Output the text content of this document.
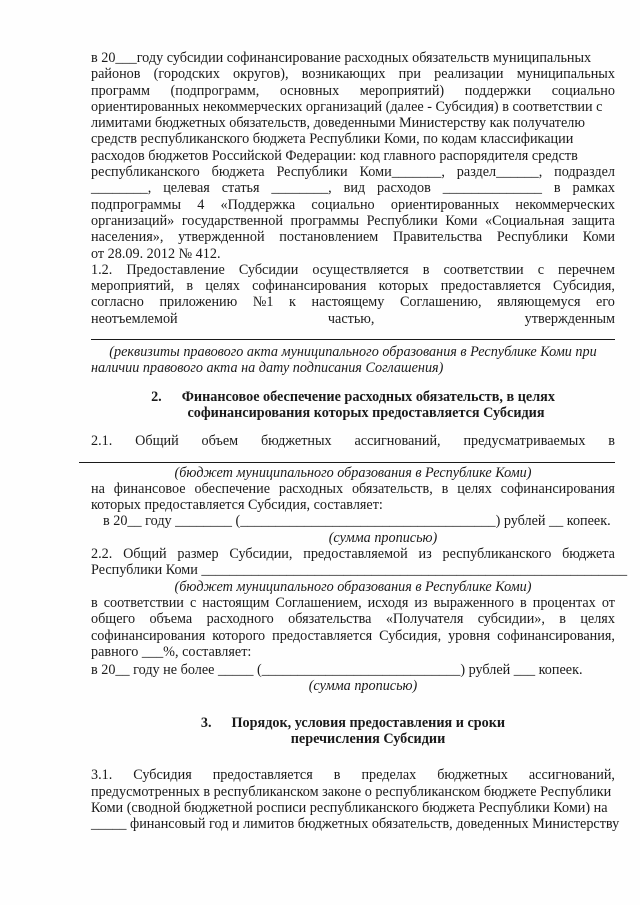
в 20___году субсидии софинансирование расходных обязательств муниципальных
районов (городских округов), возникающих при реализации муниципальных
программ (подпрограмм, основных мероприятий) поддержки социально
ориентированных некоммерческих организаций (далее - Субсидия) в соответствии с
лимитами бюджетных обязательств, доведенными Министерству как получателю
средств республиканского бюджета Республики Коми, по кодам классификации
расходов бюджетов Российской Федерации: код главного распорядителя средств
республиканского бюджета Республики Коми_______, раздел______, подраздел
________, целевая статья ________, вид расходов ______________ в рамках
подпрограммы 4 «Поддержка социально ориентированных некоммерческих
организаций» государственной программы Республики Коми «Социальная защита
населения», утвержденной постановлением Правительства Республики Коми
от 28.09. 2012 № 412.
1.2. Предоставление Субсидии осуществляется в соответствии с перечнем
мероприятий, в целях софинансирования которых предоставляется Субсидия,
согласно приложению №1 к настоящему Соглашению, являющемуся его
неотъемлемой	частью,	утвержденным
(реквизиты правового акта муниципального образования в Республике Коми при
наличии правового акта на дату подписания Соглашения)
2. Финансовое обеспечение расходных обязательств, в целях
софинансирования которых предоставляется Субсидия
2.1. Общий объем бюджетных ассигнований, предусматриваемых в
(бюджет муниципального образования в Республике Коми)
на финансовое обеспечение расходных обязательств, в целях софинансирования
которых предоставляется Субсидия, составляет:
в 20__ году ________ (____________________________________) рублей __ копеек.
(сумма прописью)
2.2. Общий размер Субсидии, предоставляемой из республиканского бюджета
Республики Коми ____________________________________________________________
(бюджет муниципального образования в Республике Коми)
в соответствии с настоящим Соглашением, исходя из выраженного в процентах от
общего объема расходного обязательства «Получателя субсидии», в целях
софинансирования которого предоставляется Субсидия, уровня софинансирования,
равного ___%, составляет:
в 20__ году не более _____ (____________________________) рублей ___ копеек.
(сумма прописью)
3. Порядок, условия предоставления и сроки
перечисления Субсидии
3.1. Субсидия предоставляется в пределах бюджетных ассигнований,
предусмотренных в республиканском законе о республиканском бюджете Республики
Коми (сводной бюджетной росписи республиканского бюджета Республики Коми) на
_____ финансовый год и лимитов бюджетных обязательств, доведенных Министерству
